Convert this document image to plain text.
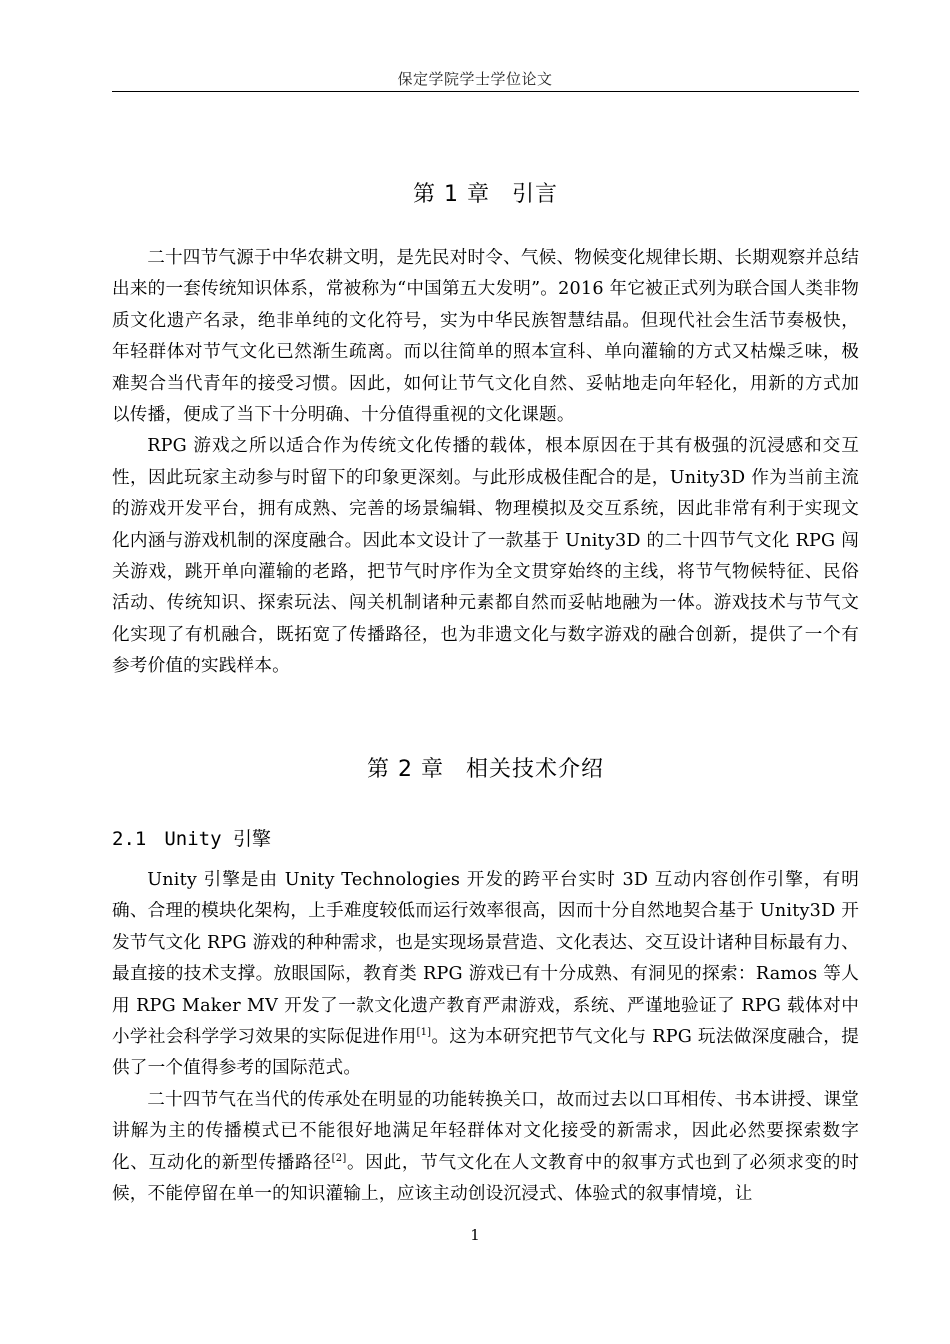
保定学院学士学位论文
第 1 章 引言

二十四节气源于中华农耕文明，是先民对时令、气候、物候变化规律长期、长期观察并总结出来的一套传统知识体系，常被称为“中国第五大发明”。2016 年它被正式列为联合国人类非物质文化遗产名录，绝非单纯的文化符号，实为中华民族智慧结晶。但现代社会生活节奏极快，年轻群体对节气文化已然渐生疏离。而以往简单的照本宣科、单向灌输的方式又枯燥乏味，极难契合当代青年的接受习惯。因此，如何让节气文化自然、妥帖地走向年轻化，用新的方式加以传播，便成了当下十分明确、十分值得重视的文化课题。

RPG 游戏之所以适合作为传统文化传播的载体，根本原因在于其有极强的沉浸感和交互性，因此玩家主动参与时留下的印象更深刻。与此形成极佳配合的是，Unity3D 作为当前主流的游戏开发平台，拥有成熟、完善的场景编辑、物理模拟及交互系统，因此非常有利于实现文化内涵与游戏机制的深度融合。因此本文设计了一款基于 Unity3D 的二十四节气文化 RPG 闯关游戏，跳开单向灌输的老路，把节气时序作为全文贯穿始终的主线，将节气物候特征、民俗活动、传统知识、探索玩法、闯关机制诸种元素都自然而妥帖地融为一体。游戏技术与节气文化实现了有机融合，既拓宽了传播路径，也为非遗文化与数字游戏的融合创新，提供了一个有参考价值的实践样本。

第 2 章 相关技术介绍
2.1 Unity 引擎

Unity 引擎是由 Unity Technologies 开发的跨平台实时 3D 互动内容创作引擎，有明确、合理的模块化架构，上手难度较低而运行效率很高，因而十分自然地契合基于 Unity3D 开发节气文化 RPG 游戏的种种需求，也是实现场景营造、文化表达、交互设计诸种目标最有力、最直接的技术支撑。放眼国际，教育类 RPG 游戏已有十分成熟、有洞见的探索：Ramos 等人用 RPG Maker MV 开发了一款文化遗产教育严肃游戏，系统、严谨地验证了 RPG 载体对中小学社会科学学习效果的实际促进作用[1]。这为本研究把节气文化与 RPG 玩法做深度融合，提供了一个值得参考的国际范式。

二十四节气在当代的传承处在明显的功能转换关口，故而过去以口耳相传、书本讲授、课堂讲解为主的传播模式已不能很好地满足年轻群体对文化接受的新需求，因此必然要探索数字化、互动化的新型传播路径[2]。因此，节气文化在人文教育中的叙事方式也到了必须求变的时候，不能停留在单一的知识灌输上，应该主动创设沉浸式、体验式的叙事情境，让

1
